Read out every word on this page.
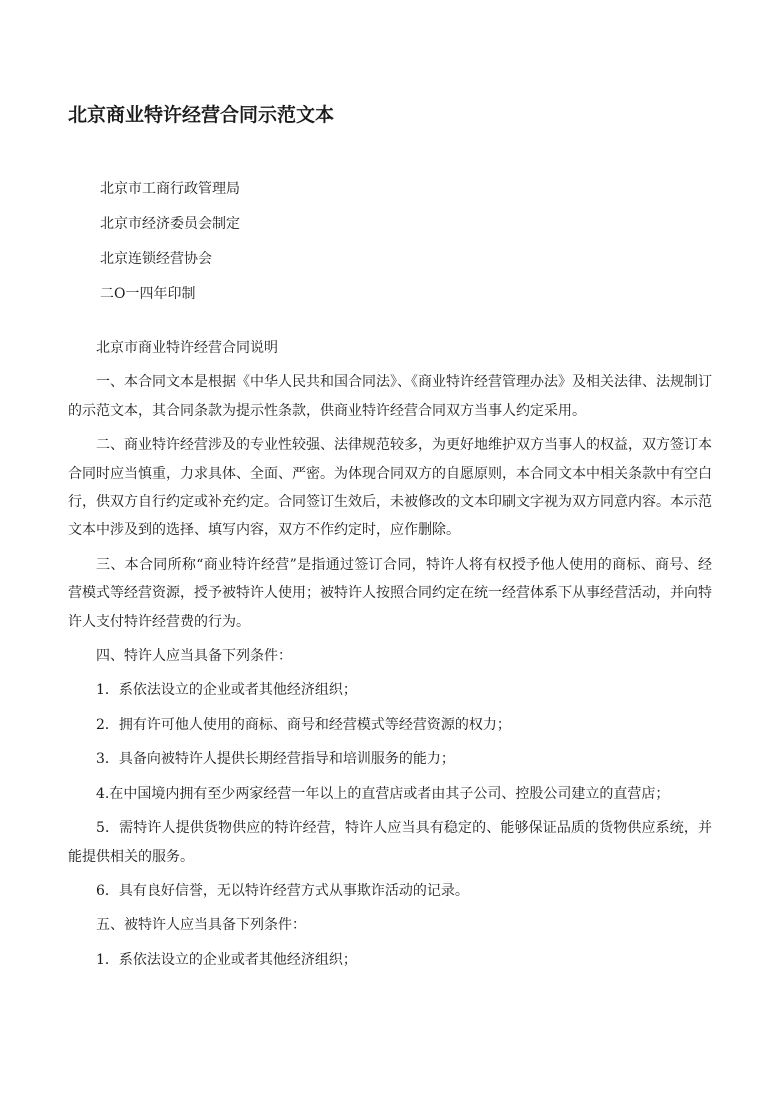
北京商业特许经营合同示范文本
北京市工商行政管理局
北京市经济委员会制定
北京连锁经营协会
二O一四年印制

北京市商业特许经营合同说明

一、本合同文本是根据《中华人民共和国合同法》、《商业特许经营管理办法》及相关法律、法规制订的示范文本，其合同条款为提示性条款，供商业特许经营合同双方当事人约定采用。

二、商业特许经营涉及的专业性较强、法律规范较多，为更好地维护双方当事人的权益，双方签订本合同时应当慎重，力求具体、全面、严密。为体现合同双方的自愿原则，本合同文本中相关条款中有空白行，供双方自行约定或补充约定。合同签订生效后，未被修改的文本印刷文字视为双方同意内容。本示范文本中涉及到的选择、填写内容，双方不作约定时，应作删除。

三、本合同所称“商业特许经营”是指通过签订合同，特许人将有权授予他人使用的商标、商号、经营模式等经营资源，授予被特许人使用；被特许人按照合同约定在统一经营体系下从事经营活动，并向特许人支付特许经营费的行为。

四、特许人应当具备下列条件：

1．系依法设立的企业或者其他经济组织；

2．拥有许可他人使用的商标、商号和经营模式等经营资源的权力；

3．具备向被特许人提供长期经营指导和培训服务的能力；

4.在中国境内拥有至少两家经营一年以上的直营店或者由其子公司、控股公司建立的直营店；

5．需特许人提供货物供应的特许经营，特许人应当具有稳定的、能够保证品质的货物供应系统，并能提供相关的服务。

6．具有良好信誉，无以特许经营方式从事欺诈活动的记录。

五、被特许人应当具备下列条件：

1．系依法设立的企业或者其他经济组织；
